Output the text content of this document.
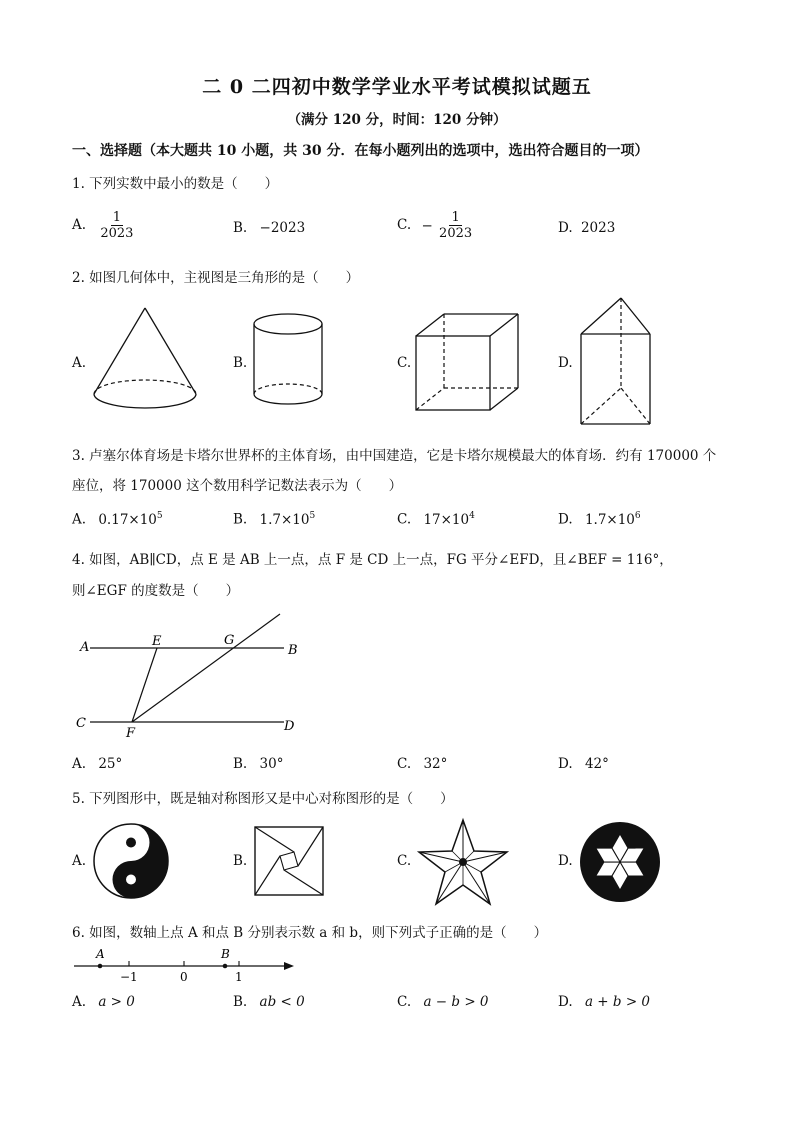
二 0 二四初中数学学业水平考试模拟试题五
（满分 120 分，时间：120 分钟）
一、选择题（本大题共 10 小题，共 30 分．在每小题列出的选项中，选出符合题目的一项）
1. 下列实数中最小的数是（　　）
A. $\frac{1}{2023}$	B. −2023	C. − $\frac{1}{2023}$	D. 2023
2. 如图几何体中，主视图是三角形的是（　　）
A.	B.	C.	D.
3. 卢塞尔体育场是卡塔尔世界杯的主体育场，由中国建造，它是卡塔尔规模最大的体育场．约有 170000 个
座位，将 170000 这个数用科学记数法表示为（　　）
A. $0.17\times 10^5$	B. $1.7\times 10^5$	C. $17\times 10^4$	D. $1.7\times 10^6$
4. 如图，AB∥CD，点 E 是 AB 上一点，点 F 是 CD 上一点，FG 平分∠EFD，且∠BEF = 116°，
则∠EGF 的度数是（　　）
A	E	G
B
C
F	D
A. 25°	B. 30°	C. 32°	D. 42°
5. 下列图形中，既是轴对称图形又是中心对称图形的是（　　）
A.	B.	C.	D.
6. 如图，数轴上点 A 和点 B 分别表示数 a 和 b，则下列式子正确的是（　　）
A	B
−1	0	1
A. a > 0	B. ab < 0	C. a − b > 0	D. a + b > 0
